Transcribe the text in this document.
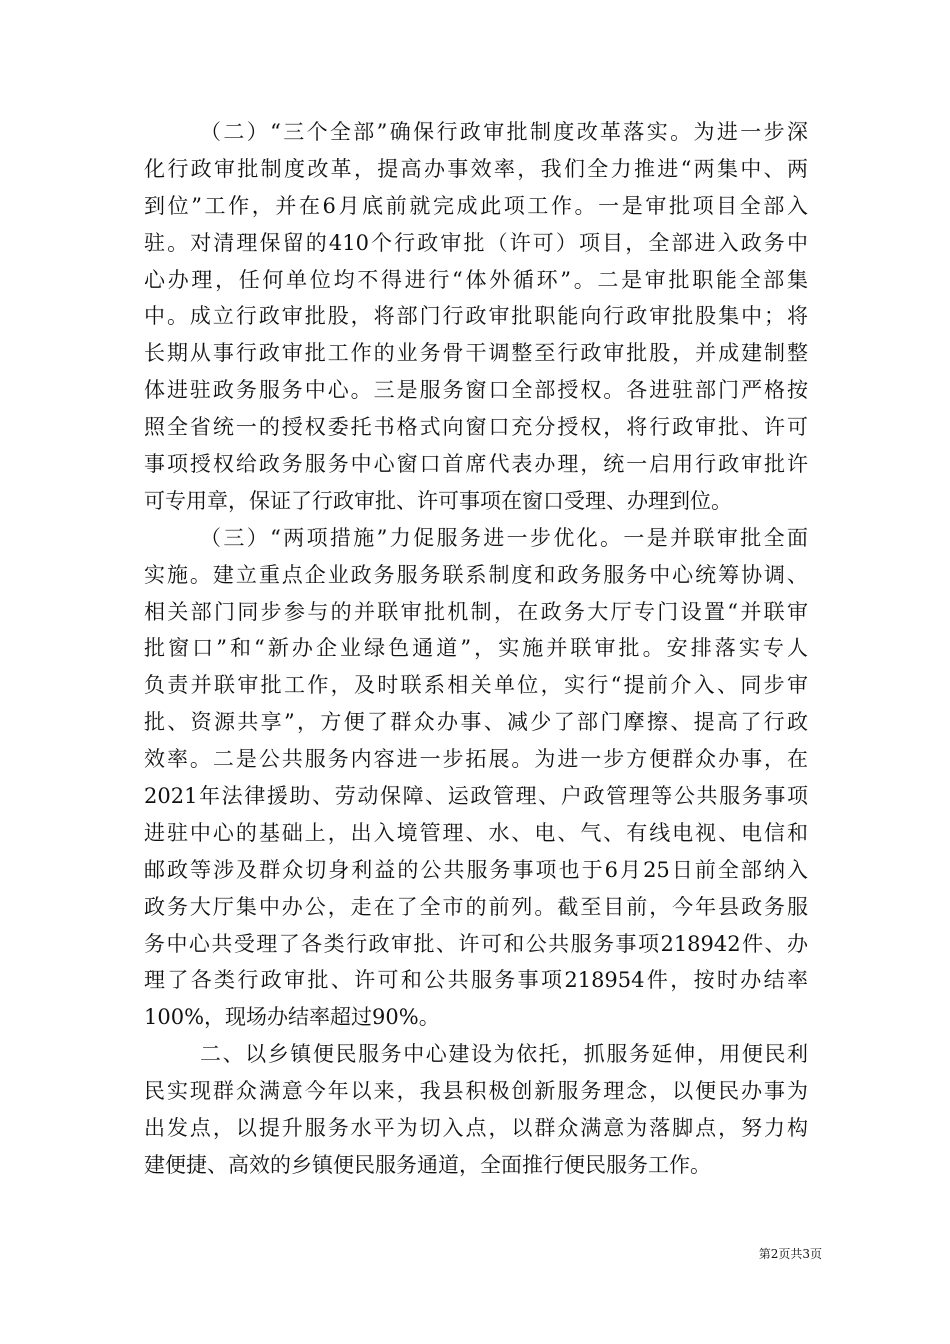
（二）“三个全部”确保行政审批制度改革落实。为进一步深
化行政审批制度改革，提高办事效率，我们全力推进“两集中、两
到位”工作，并在6月底前就完成此项工作。一是审批项目全部入
驻。对清理保留的410个行政审批（许可）项目，全部进入政务中
心办理，任何单位均不得进行“体外循环”。二是审批职能全部集
中。成立行政审批股，将部门行政审批职能向行政审批股集中；将
长期从事行政审批工作的业务骨干调整至行政审批股，并成建制整
体进驻政务服务中心。三是服务窗口全部授权。各进驻部门严格按
照全省统一的授权委托书格式向窗口充分授权，将行政审批、许可
事项授权给政务服务中心窗口首席代表办理，统一启用行政审批许
可专用章，保证了行政审批、许可事项在窗口受理、办理到位。
（三）“两项措施”力促服务进一步优化。一是并联审批全面
实施。建立重点企业政务服务联系制度和政务服务中心统筹协调、
相关部门同步参与的并联审批机制，在政务大厅专门设置“并联审
批窗口”和“新办企业绿色通道”，实施并联审批。安排落实专人
负责并联审批工作，及时联系相关单位，实行“提前介入、同步审
批、资源共享”，方便了群众办事、减少了部门摩擦、提高了行政
效率。二是公共服务内容进一步拓展。为进一步方便群众办事，在
2021年法律援助、劳动保障、运政管理、户政管理等公共服务事项
进驻中心的基础上，出入境管理、水、电、气、有线电视、电信和
邮政等涉及群众切身利益的公共服务事项也于6月25日前全部纳入
政务大厅集中办公，走在了全市的前列。截至目前，今年县政务服
务中心共受理了各类行政审批、许可和公共服务事项218942件、办
理了各类行政审批、许可和公共服务事项218954件，按时办结率
100%，现场办结率超过90%。
二、以乡镇便民服务中心建设为依托，抓服务延伸，用便民利
民实现群众满意今年以来，我县积极创新服务理念，以便民办事为
出发点，以提升服务水平为切入点，以群众满意为落脚点，努力构
建便捷、高效的乡镇便民服务通道，全面推行便民服务工作。
第2页共3页
